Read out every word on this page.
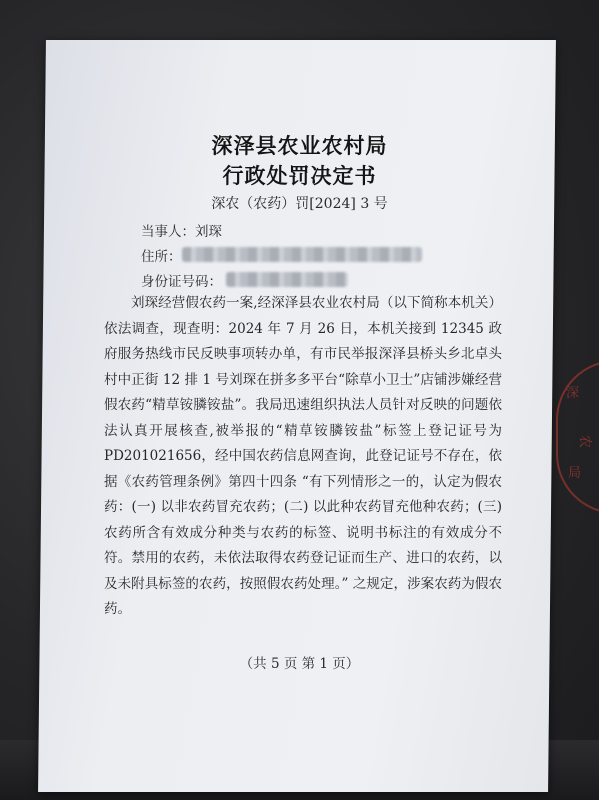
深
农
局
深泽县农业农村局
行政处罚决定书
深农（农药）罚[2024] 3 号
当事人：刘琛
住所：
身份证号码：

刘琛经营假农药一案,经深泽县农业农村局（以下简称本机关）依法调查，现查明：2024 年 7 月 26 日，本机关接到 12345 政府服务热线市民反映事项转办单，有市民举报深泽县桥头乡北卓头村中正街 12 排 1 号刘琛在拼多多平台“除草小卫士”店铺涉嫌经营假农药“精草铵膦铵盐”。我局迅速组织执法人员针对反映的问题依法认真开展核查,被举报的“精草铵膦铵盐”标签上登记证号为 PD201021656，经中国农药信息网查询，此登记证号不存在，依据《农药管理条例》第四十四条 “有下列情形之一的，认定为假农药：(一) 以非农药冒充农药；(二) 以此种农药冒充他种农药；(三) 农药所含有效成分种类与农药的标签、说明书标注的有效成分不符。禁用的农药，未依法取得农药登记证而生产、进口的农药，以及未附具标签的农药，按照假农药处理。” 之规定，涉案农药为假农药。

（共 5 页 第 1 页）
